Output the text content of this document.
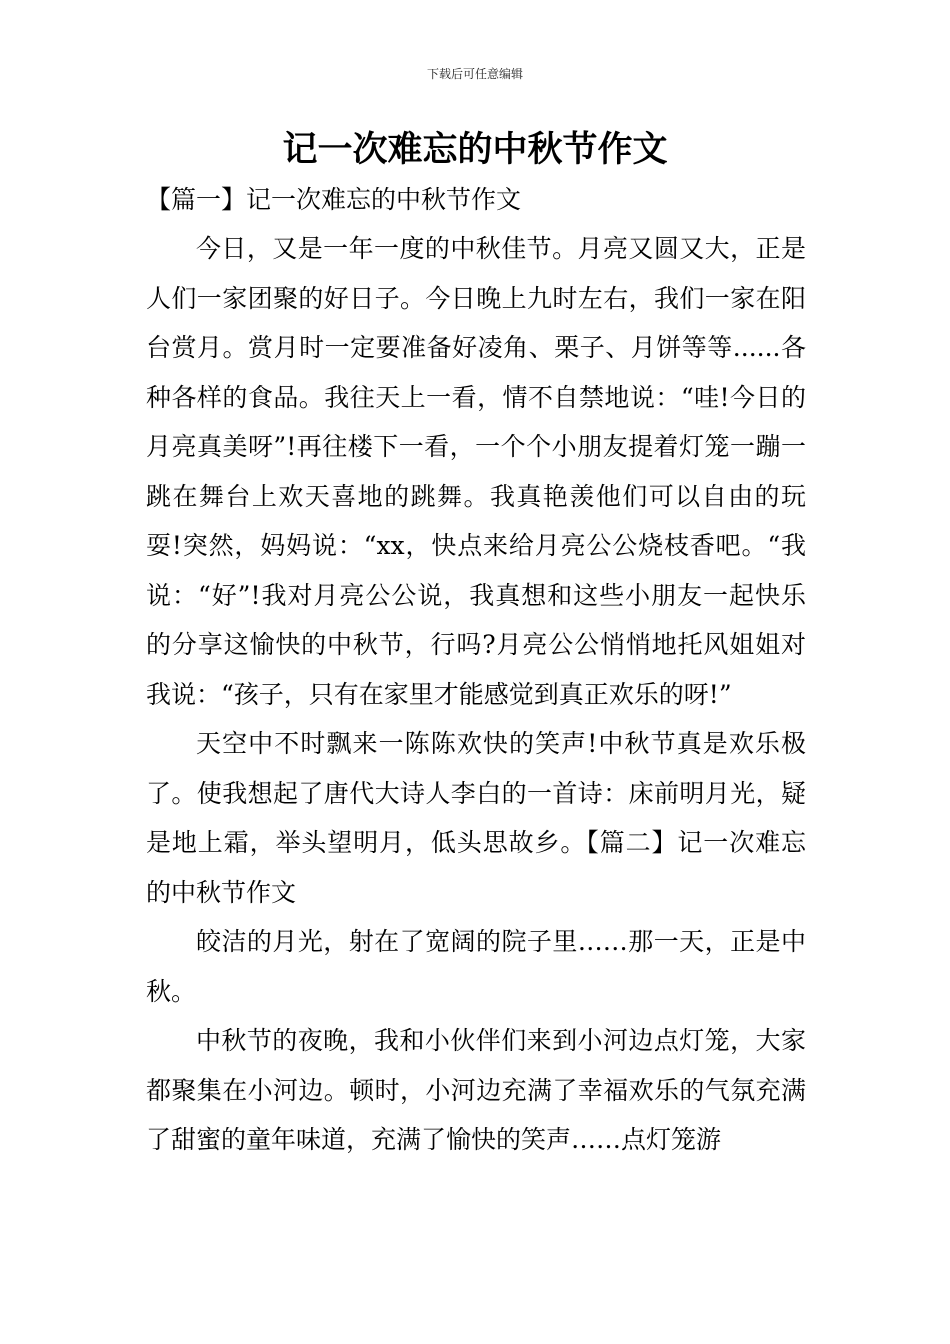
下载后可任意编辑
记一次难忘的中秋节作文

【篇一】记一次难忘的中秋节作文

今日，又是一年一度的中秋佳节。月亮又圆又大，正是人们一家团聚的好日子。今日晚上九时左右，我们一家在阳台赏月。赏月时一定要准备好凌角、栗子、月饼等等......各种各样的食品。我往天上一看，情不自禁地说：“哇!今日的月亮真美呀”!再往楼下一看，一个个小朋友提着灯笼一蹦一跳在舞台上欢天喜地的跳舞。我真艳羡他们可以自由的玩耍!突然，妈妈说：“xx，快点来给月亮公公烧枝香吧。“我说：“好”!我对月亮公公说，我真想和这些小朋友一起快乐的分享这愉快的中秋节，行吗?月亮公公悄悄地托风姐姐对我说：“孩子，只有在家里才能感觉到真正欢乐的呀!”

天空中不时飘来一陈陈欢快的笑声!中秋节真是欢乐极了。使我想起了唐代大诗人李白的一首诗：床前明月光，疑是地上霜，举头望明月，低头思故乡。【篇二】记一次难忘的中秋节作文

皎洁的月光，射在了宽阔的院子里……那一天，正是中秋。

中秋节的夜晚，我和小伙伴们来到小河边点灯笼，大家都聚集在小河边。顿时，小河边充满了幸福欢乐的气氛充满了甜蜜的童年味道，充满了愉快的笑声……点灯笼游
